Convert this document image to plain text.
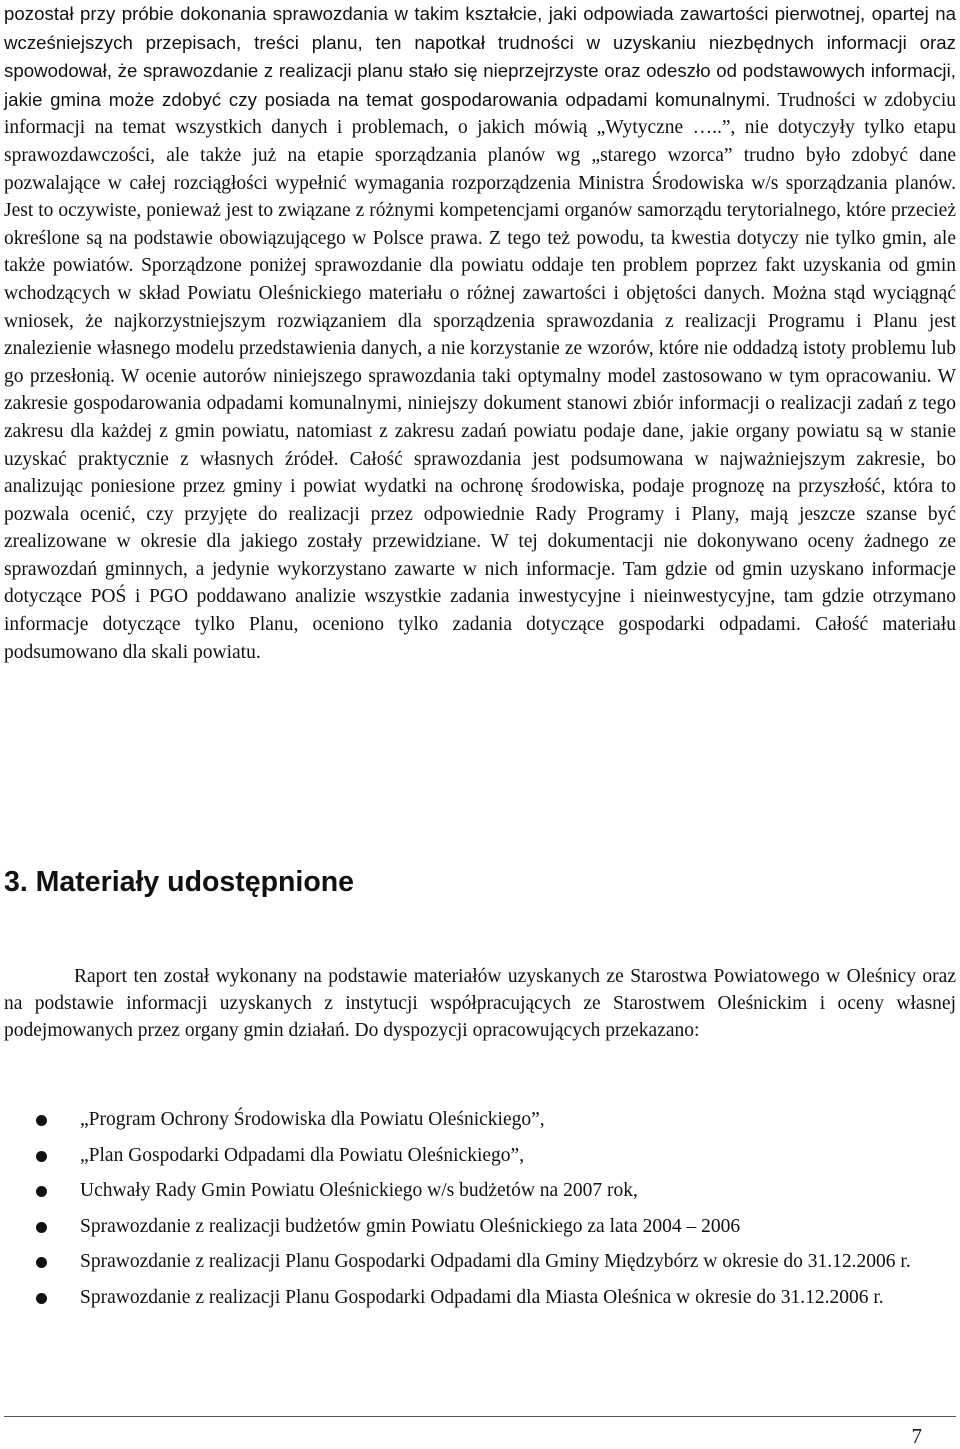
pozostał przy próbie dokonania sprawozdania w takim kształcie, jaki odpowiada zawartości pierwotnej, opartej na wcześniejszych przepisach, treści planu, ten napotkał trudności w uzyskaniu niezbędnych informacji oraz spowodował, że sprawozdanie z realizacji planu stało się nieprzejrzyste oraz odeszło od podstawowych informacji, jakie gmina może zdobyć czy posiada na temat gospodarowania odpadami komunalnymi. Trudności w zdobyciu informacji na temat wszystkich danych i problemach, o jakich mówią „Wytyczne …..”, nie dotyczyły tylko etapu sprawozdawczości, ale także już na etapie sporządzania planów wg „starego wzorca” trudno było zdobyć dane pozwalające w całej rozciągłości wypełnić wymagania rozporządzenia Ministra Środowiska w/s sporządzania planów. Jest to oczywiste, ponieważ jest to związane z różnymi kompetencjami organów samorządu terytorialnego, które przecież określone są na podstawie obowiązującego w Polsce prawa. Z tego też powodu, ta kwestia dotyczy nie tylko gmin, ale także powiatów. Sporządzone poniżej sprawozdanie dla powiatu oddaje ten problem poprzez fakt uzyskania od gmin wchodzących w skład Powiatu Oleśnickiego materiału o różnej zawartości i objętości danych. Można stąd wyciągnąć wniosek, że najkorzystniejszym rozwiązaniem dla sporządzenia sprawozdania z realizacji Programu i Planu jest znalezienie własnego modelu przedstawienia danych, a nie korzystanie ze wzorów, które nie oddadzą istoty problemu lub go przesłonią. W ocenie autorów niniejszego sprawozdania taki optymalny model zastosowano w tym opracowaniu. W zakresie gospodarowania odpadami komunalnymi, niniejszy dokument stanowi zbiór informacji o realizacji zadań z tego zakresu dla każdej z gmin powiatu, natomiast z zakresu zadań powiatu podaje dane, jakie organy powiatu są w stanie uzyskać praktycznie z własnych źródeł. Całość sprawozdania jest podsumowana w najważniejszym zakresie, bo analizując poniesione przez gminy i powiat wydatki na ochronę środowiska, podaje prognozę na przyszłość, która to pozwala ocenić, czy przyjęte do realizacji przez odpowiednie Rady Programy i Plany, mają jeszcze szanse być zrealizowane w okresie dla jakiego zostały przewidziane. W tej dokumentacji nie dokonywano oceny żadnego ze sprawozdań gminnych, a jedynie wykorzystano zawarte w nich informacje. Tam gdzie od gmin uzyskano informacje dotyczące POŚ i PGO poddawano analizie wszystkie zadania inwestycyjne i nieinwestycyjne, tam gdzie otrzymano informacje dotyczące tylko Planu, oceniono tylko zadania dotyczące gospodarki odpadami. Całość materiału podsumowano dla skali powiatu.

3. Materiały udostępnione

Raport ten został wykonany na podstawie materiałów uzyskanych ze Starostwa Powiatowego w Oleśnicy oraz na podstawie informacji uzyskanych z instytucji współpracujących ze Starostwem Oleśnickim i oceny własnej podejmowanych przez organy gmin działań. Do dyspozycji opracowujących przekazano:

„Program Ochrony Środowiska dla Powiatu Oleśnickiego”,
„Plan Gospodarki Odpadami dla Powiatu Oleśnickiego”,
Uchwały Rady Gmin Powiatu Oleśnickiego w/s budżetów na 2007 rok,
Sprawozdanie z realizacji budżetów gmin Powiatu Oleśnickiego za lata 2004 – 2006
Sprawozdanie z realizacji Planu Gospodarki Odpadami dla Gminy Międzybórz w okresie do 31.12.2006 r.
Sprawozdanie z realizacji Planu Gospodarki Odpadami dla Miasta Oleśnica w okresie do 31.12.2006 r.
7
